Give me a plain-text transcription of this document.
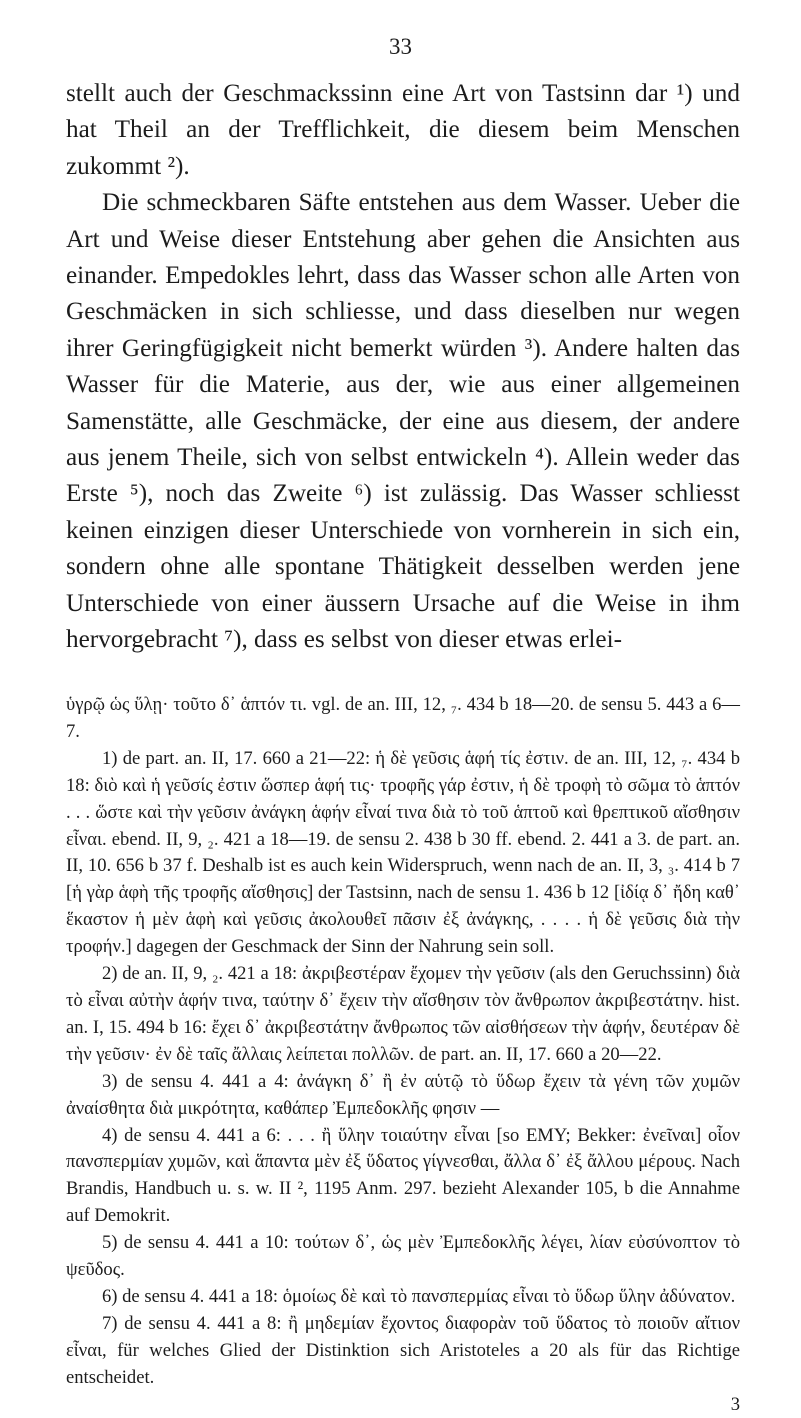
33

stellt auch der Geschmackssinn eine Art von Tastsinn dar ¹) und hat Theil an der Trefflichkeit, die diesem beim Menschen zukommt ²).

Die schmeckbaren Säfte entstehen aus dem Wasser. Ueber die Art und Weise dieser Entstehung aber gehen die Ansichten aus einander. Empedokles lehrt, dass das Wasser schon alle Arten von Geschmäcken in sich schliesse, und dass dieselben nur wegen ihrer Geringfügigkeit nicht bemerkt würden ³). Andere halten das Wasser für die Materie, aus der, wie aus einer allgemeinen Samenstätte, alle Geschmäcke, der eine aus diesem, der andere aus jenem Theile, sich von selbst entwickeln ⁴). Allein weder das Erste ⁵), noch das Zweite ⁶) ist zulässig. Das Wasser schliesst keinen einzigen dieser Unterschiede von vornherein in sich ein, sondern ohne alle spontane Thätigkeit desselben werden jene Unterschiede von einer äussern Ursache auf die Weise in ihm hervorgebracht ⁷), dass es selbst von dieser etwas erlei-

ὑγρῷ ὡς ὕλῃ· τοῦτο δ᾿ ἁπτόν τι. vgl. de an. III, 12, ₇. 434 b 18—20. de sensu 5. 443 a 6—7.

1) de part. an. II, 17. 660 a 21—22: ἡ δὲ γεῦσις ἁφή τίς ἐστιν. de an. III, 12, ₇. 434 b 18: διὸ καὶ ἡ γεῦσίς ἐστιν ὥσπερ ἁφή τις· τροφῆς γάρ ἐστιν, ἡ δὲ τροφὴ τὸ σῶμα τὸ ἁπτόν . . . ὥστε καὶ τὴν γεῦσιν ἀνάγκη ἁφήν εἶναί τινα διὰ τὸ τοῦ ἁπτοῦ καὶ θρεπτικοῦ αἴσθησιν εἶναι. ebend. II, 9, ₂. 421 a 18—19. de sensu 2. 438 b 30 ff. ebend. 2. 441 a 3. de part. an. II, 10. 656 b 37 f. Deshalb ist es auch kein Widerspruch, wenn nach de an. II, 3, ₃. 414 b 7 [ἡ γὰρ ἁφὴ τῆς τροφῆς αἴσθησις] der Tastsinn, nach de sensu 1. 436 b 12 [ἰδίᾳ δ᾿ ἤδη καθ᾿ ἕκαστον ἡ μὲν ἁφὴ καὶ γεῦσις ἀκολουθεῖ πᾶσιν ἐξ ἀνάγκης, . . . . ἡ δὲ γεῦσις διὰ τὴν τροφήν.] dagegen der Geschmack der Sinn der Nahrung sein soll.

2) de an. II, 9, ₂. 421 a 18: ἀκριβεστέραν ἔχομεν τὴν γεῦσιν (als den Geruchssinn) διὰ τὸ εἶναι αὐτὴν ἁφήν τινα, ταύτην δ᾿ ἔχειν τὴν αἴσθησιν τὸν ἄνθρωπον ἀκριβεστάτην. hist. an. I, 15. 494 b 16: ἔχει δ᾿ ἀκριβεστάτην ἄνθρωπος τῶν αἰσθήσεων τὴν ἁφήν, δευτέραν δὲ τὴν γεῦσιν· ἐν δὲ ταῖς ἄλλαις λείπεται πολλῶν. de part. an. II, 17. 660 a 20—22.

3) de sensu 4. 441 a 4: ἀνάγκη δ᾿ ἢ ἐν αὑτῷ τὸ ὕδωρ ἔχειν τὰ γένη τῶν χυμῶν ἀναίσθητα διὰ μικρότητα, καθάπερ Ἐμπεδοκλῆς φησιν —

4) de sensu 4. 441 a 6: . . . ἢ ὕλην τοιαύτην εἶναι [so EMY; Bekker: ἐνεῖναι] οἷον πανσπερμίαν χυμῶν, καὶ ἅπαντα μὲν ἐξ ὕδατος γίγνεσθαι, ἄλλα δ᾿ ἐξ ἄλλου μέρους. Nach Brandis, Handbuch u. s. w. II ², 1195 Anm. 297. bezieht Alexander 105, b die Annahme auf Demokrit.

5) de sensu 4. 441 a 10: τούτων δ᾿, ὡς μὲν Ἐμπεδοκλῆς λέγει, λίαν εὐσύνοπτον τὸ ψεῦδος.

6) de sensu 4. 441 a 18: ὁμοίως δὲ καὶ τὸ πανσπερμίας εἶναι τὸ ὕδωρ ὕλην ἀδύνατον.

7) de sensu 4. 441 a 8: ἢ μηδεμίαν ἔχοντος διαφορὰν τοῦ ὕδατος τὸ ποιοῦν αἴτιον εἶναι, für welches Glied der Distinktion sich Aristoteles a 20 als für das Richtige entscheidet.

3
